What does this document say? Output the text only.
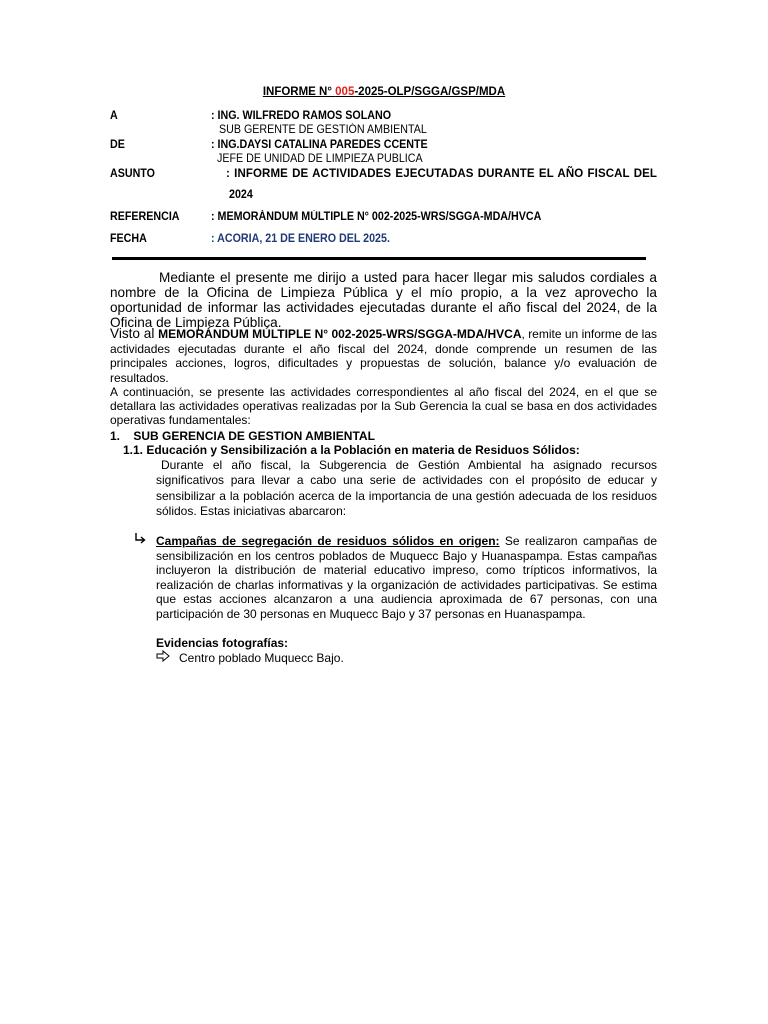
INFORME N° 005-2025-OLP/SGGA/GSP/MDA
A	: ING. WILFREDO RAMOS SOLANO
SUB GERENTE DE GESTIÓN AMBIENTAL
DE	: ING.DAYSI CATALINA PAREDES CCENTE
JEFE DE UNIDAD DE LIMPIEZA PUBLICA
ASUNTO	: INFORME DE ACTIVIDADES EJECUTADAS DURANTE EL AÑO FISCAL DEL
2024
REFERENCIA	: MEMORÁNDUM MÚLTIPLE N° 002-2025-WRS/SGGA-MDA/HVCA
FECHA	: ACORIA, 21 DE ENERO DEL 2025.
Mediante el presente me dirijo a usted para hacer llegar mis saludos cordiales a nombre de la Oficina de Limpieza Pública y el mío propio, a la vez aprovecho la oportunidad de informar las actividades ejecutadas durante el año fiscal del 2024, de la Oficina de Limpieza Pública.
Visto al MEMORÁNDUM MÚLTIPLE N° 002-2025-WRS/SGGA-MDA/HVCA, remite un informe de las actividades ejecutadas durante el año fiscal del 2024, donde comprende un resumen de las principales acciones, logros, dificultades y propuestas de solución, balance y/o evaluación de resultados.
A continuación, se presente las actividades correspondientes al año fiscal del 2024, en el que se detallara las actividades operativas realizadas por la Sub Gerencia la cual se basa en dos actividades operativas fundamentales:
1.    SUB GERENCIA DE GESTION AMBIENTAL
1.1. Educación y Sensibilización a la Población en materia de Residuos Sólidos:
Durante el año fiscal, la Subgerencia de Gestión Ambiental ha asignado recursos significativos para llevar a cabo una serie de actividades con el propósito de educar y sensibilizar a la población acerca de la importancia de una gestión adecuada de los residuos sólidos. Estas iniciativas abarcaron:
Campañas de segregación de residuos sólidos en origen: Se realizaron campañas de sensibilización en los centros poblados de Muquecc Bajo y Huanaspampa. Estas campañas incluyeron la distribución de material educativo impreso, como trípticos informativos, la realización de charlas informativas y la organización de actividades participativas. Se estima que estas acciones alcanzaron a una audiencia aproximada de 67 personas, con una participación de 30 personas en Muquecc Bajo y 37 personas en Huanaspampa.
Evidencias fotografías:
Centro poblado Muquecc Bajo.
